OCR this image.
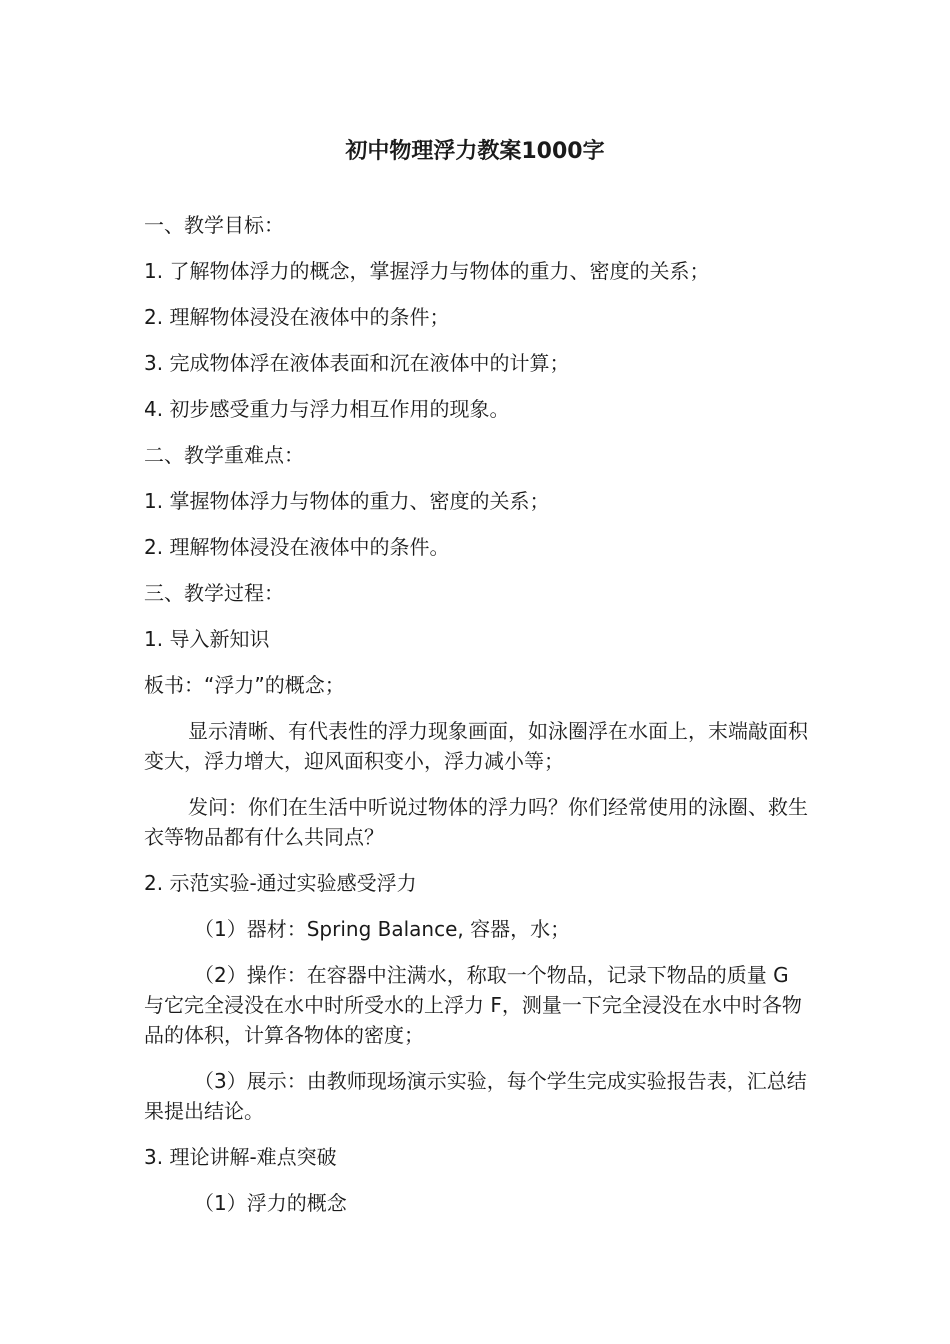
初中物理浮力教案1000字

一、教学目标：

1. 了解物体浮力的概念，掌握浮力与物体的重力、密度的关系；

2. 理解物体浸没在液体中的条件；

3. 完成物体浮在液体表面和沉在液体中的计算；

4. 初步感受重力与浮力相互作用的现象。

二、教学重难点：

1. 掌握物体浮力与物体的重力、密度的关系；

2. 理解物体浸没在液体中的条件。

三、教学过程：

1. 导入新知识

板书：“浮力”的概念；

显示清晰、有代表性的浮力现象画面，如泳圈浮在水面上，末端敲面积变大，浮力增大，迎风面积变小，浮力减小等；

发问：你们在生活中听说过物体的浮力吗？你们经常使用的泳圈、救生衣等物品都有什么共同点？

2. 示范实验-通过实验感受浮力

（1）器材：Spring Balance, 容器，水；

（2）操作：在容器中注满水，称取一个物品，记录下物品的质量 G 与它完全浸没在水中时所受水的上浮力 F，测量一下完全浸没在水中时各物品的体积，计算各物体的密度；

（3）展示：由教师现场演示实验，每个学生完成实验报告表，汇总结果提出结论。

3. 理论讲解-难点突破

（1）浮力的概念
